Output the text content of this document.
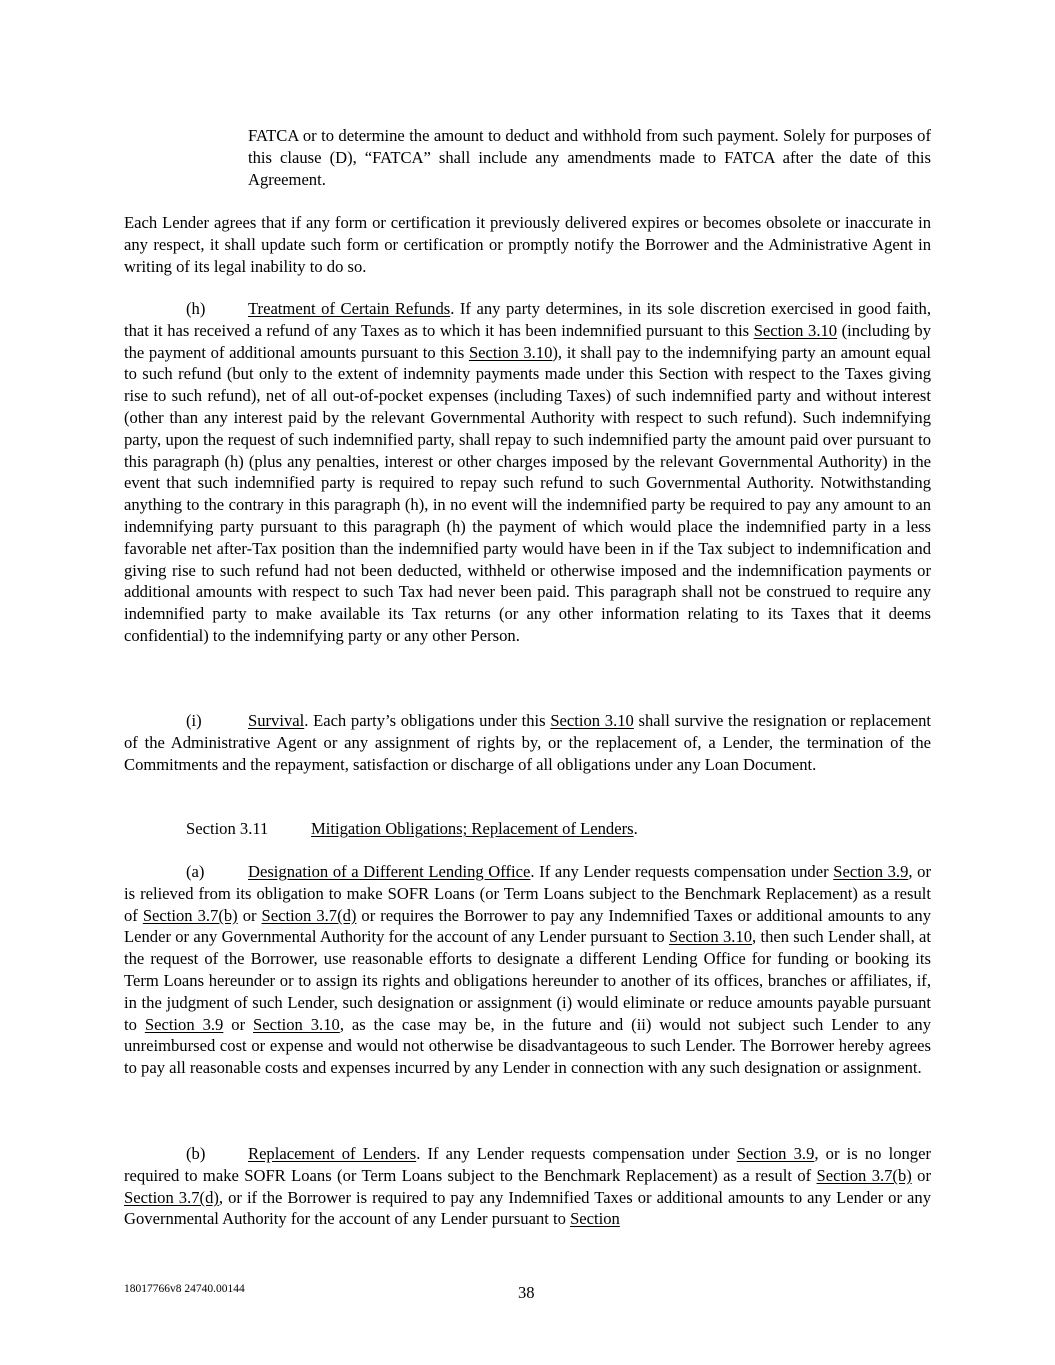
FATCA or to determine the amount to deduct and withhold from such payment. Solely for purposes of this clause (D), “FATCA” shall include any amendments made to FATCA after the date of this Agreement.
Each Lender agrees that if any form or certification it previously delivered expires or becomes obsolete or inaccurate in any respect, it shall update such form or certification or promptly notify the Borrower and the Administrative Agent in writing of its legal inability to do so.
(h)	Treatment of Certain Refunds. If any party determines, in its sole discretion exercised in good faith, that it has received a refund of any Taxes as to which it has been indemnified pursuant to this Section 3.10 (including by the payment of additional amounts pursuant to this Section 3.10), it shall pay to the indemnifying party an amount equal to such refund (but only to the extent of indemnity payments made under this Section with respect to the Taxes giving rise to such refund), net of all out-of-pocket expenses (including Taxes) of such indemnified party and without interest (other than any interest paid by the relevant Governmental Authority with respect to such refund). Such indemnifying party, upon the request of such indemnified party, shall repay to such indemnified party the amount paid over pursuant to this paragraph (h) (plus any penalties, interest or other charges imposed by the relevant Governmental Authority) in the event that such indemnified party is required to repay such refund to such Governmental Authority. Notwithstanding anything to the contrary in this paragraph (h), in no event will the indemnified party be required to pay any amount to an indemnifying party pursuant to this paragraph (h) the payment of which would place the indemnified party in a less favorable net after-Tax position than the indemnified party would have been in if the Tax subject to indemnification and giving rise to such refund had not been deducted, withheld or otherwise imposed and the indemnification payments or additional amounts with respect to such Tax had never been paid. This paragraph shall not be construed to require any indemnified party to make available its Tax returns (or any other information relating to its Taxes that it deems confidential) to the indemnifying party or any other Person.
(i)	Survival. Each party’s obligations under this Section 3.10 shall survive the resignation or replacement of the Administrative Agent or any assignment of rights by, or the replacement of, a Lender, the termination of the Commitments and the repayment, satisfaction or discharge of all obligations under any Loan Document.
Section 3.11	Mitigation Obligations; Replacement of Lenders.
(a)	Designation of a Different Lending Office. If any Lender requests compensation under Section 3.9, or is relieved from its obligation to make SOFR Loans (or Term Loans subject to the Benchmark Replacement) as a result of Section 3.7(b) or Section 3.7(d) or requires the Borrower to pay any Indemnified Taxes or additional amounts to any Lender or any Governmental Authority for the account of any Lender pursuant to Section 3.10, then such Lender shall, at the request of the Borrower, use reasonable efforts to designate a different Lending Office for funding or booking its Term Loans hereunder or to assign its rights and obligations hereunder to another of its offices, branches or affiliates, if, in the judgment of such Lender, such designation or assignment (i) would eliminate or reduce amounts payable pursuant to Section 3.9 or Section 3.10, as the case may be, in the future and (ii) would not subject such Lender to any unreimbursed cost or expense and would not otherwise be disadvantageous to such Lender. The Borrower hereby agrees to pay all reasonable costs and expenses incurred by any Lender in connection with any such designation or assignment.
(b)	Replacement of Lenders. If any Lender requests compensation under Section 3.9, or is no longer required to make SOFR Loans (or Term Loans subject to the Benchmark Replacement) as a result of Section 3.7(b) or Section 3.7(d), or if the Borrower is required to pay any Indemnified Taxes or additional amounts to any Lender or any Governmental Authority for the account of any Lender pursuant to Section
18017766v8 24740.00144	38
